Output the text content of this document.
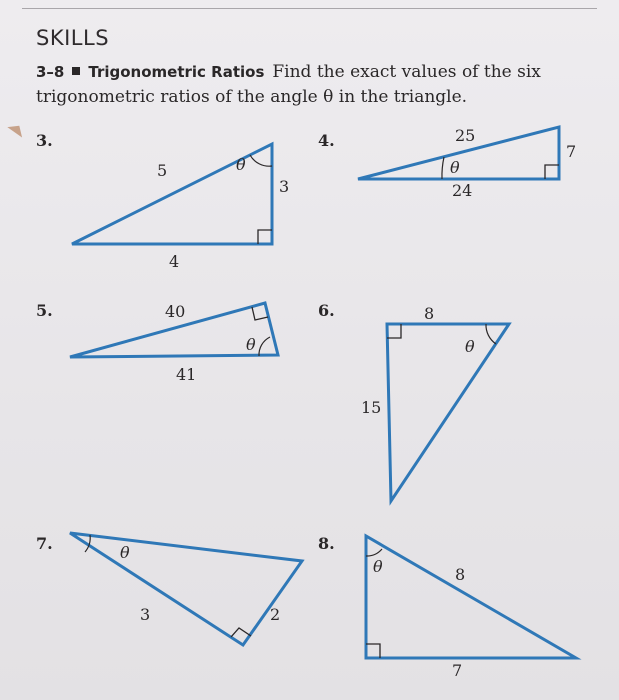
SKILLS
3–8 Trigonometric Ratios Find the exact values of the six
trigonometric ratios of the angle θ in the triangle.
3.	4.
5.	6.
7.	8.
5
3
4
θ
25
7
24
θ
40
41
θ
8
15
θ
3	2
θ
8
7
θ
